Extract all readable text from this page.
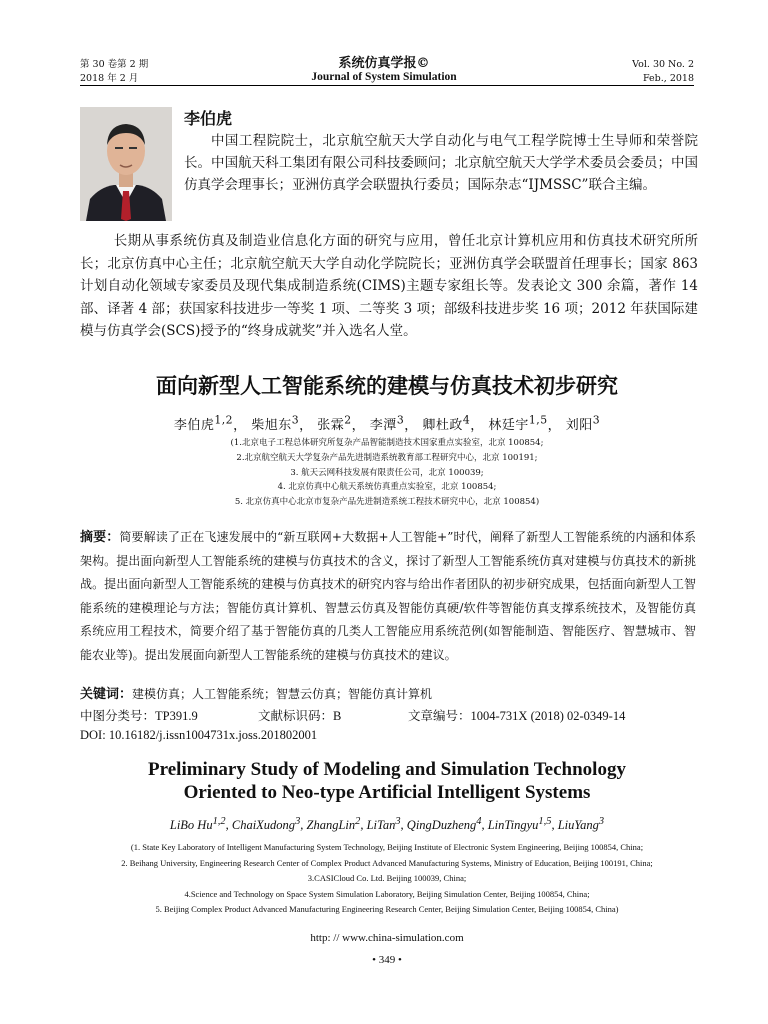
第 30 卷第 2 期
2018 年 2 月
系统仿真学报©
Journal of System Simulation
Vol. 30 No. 2
Feb., 2018
李伯虎
中国工程院院士，北京航空航天大学自动化与电气工程学院博士生导师和荣誉院长。中国航天科工集团有限公司科技委顾问；北京航空航天大学学术委员会委员；中国仿真学会理事长；亚洲仿真学会联盟执行委员；国际杂志“IJMSSC”联合主编。
长期从事系统仿真及制造业信息化方面的研究与应用，曾任北京计算机应用和仿真技术研究所所长；北京仿真中心主任；北京航空航天大学自动化学院院长；亚洲仿真学会联盟首任理事长；国家 863 计划自动化领域专家委员及现代集成制造系统(CIMS)主题专家组长等。发表论文 300 余篇，著作 14 部、译著 4 部；获国家科技进步一等奖 1 项、二等奖 3 项；部级科技进步奖 16 项；2012 年获国际建模与仿真学会(SCS)授予的“终身成就奖”并入选名人堂。
面向新型人工智能系统的建模与仿真技术初步研究
李伯虎$^{1,2}$， 柴旭东$^3$， 张霖$^2$， 李潭$^3$， 卿杜政$^4$， 林廷宇$^{1,5}$， 刘阳$^3$
(1.北京电子工程总体研究所复杂产品智能制造技术国家重点实验室，北京 100854;
2.北京航空航天大学复杂产品先进制造系统教育部工程研究中心，北京 100191;
3. 航天云网科技发展有限责任公司，北京 100039;
4. 北京仿真中心航天系统仿真重点实验室，北京 100854;
5. 北京仿真中心北京市复杂产品先进制造系统工程技术研究中心，北京 100854)
摘要：简要解读了正在飞速发展中的“新互联网+大数据+人工智能+”时代，阐释了新型人工智能系统的内涵和体系架构。提出面向新型人工智能系统的建模与仿真技术的含义，探讨了新型人工智能系统仿真对建模与仿真技术的新挑战。提出面向新型人工智能系统的建模与仿真技术的研究内容与给出作者团队的初步研究成果，包括面向新型人工智能系统的建模理论与方法；智能仿真计算机、智慧云仿真及智能仿真硬/软件等智能仿真支撑系统技术，及智能仿真系统应用工程技术，简要介绍了基于智能仿真的几类人工智能应用系统范例(如智能制造、智能医疗、智慧城市、智能农业等)。提出发展面向新型人工智能系统的建模与仿真技术的建议。
关键词：建模仿真；人工智能系统；智慧云仿真；智能仿真计算机
中图分类号：TP391.9	文献标识码：B	文章编号：1004-731X (2018) 02-0349-14
DOI: 10.16182/j.issn1004731x.joss.201802001
Preliminary Study of Modeling and Simulation Technology
Oriented to Neo-type Artificial Intelligent Systems
LiBo Hu$^{1,2}$, ChaiXudong$^3$, ZhangLin$^2$, LiTan$^3$, QingDuzheng$^4$, LinTingyu$^{1,5}$, LiuYang$^3$
(1. State Key Laboratory of Intelligent Manufacturing System Technology, Beijing Institute of Electronic System Engineering, Beijing 100854, China;
2. Beihang University, Engineering Research Center of Complex Product Advanced Manufacturing Systems, Ministry of Education, Beijing 100191, China;
3.CASICloud Co. Ltd. Beijing 100039, China;
4.Science and Technology on Space System Simulation Laboratory, Beijing Simulation Center, Beijing 100854, China;
5. Beijing Complex Product Advanced Manufacturing Engineering Research Center, Beijing Simulation Center, Beijing 100854, China)
http: // www.china-simulation.com
• 349 •
